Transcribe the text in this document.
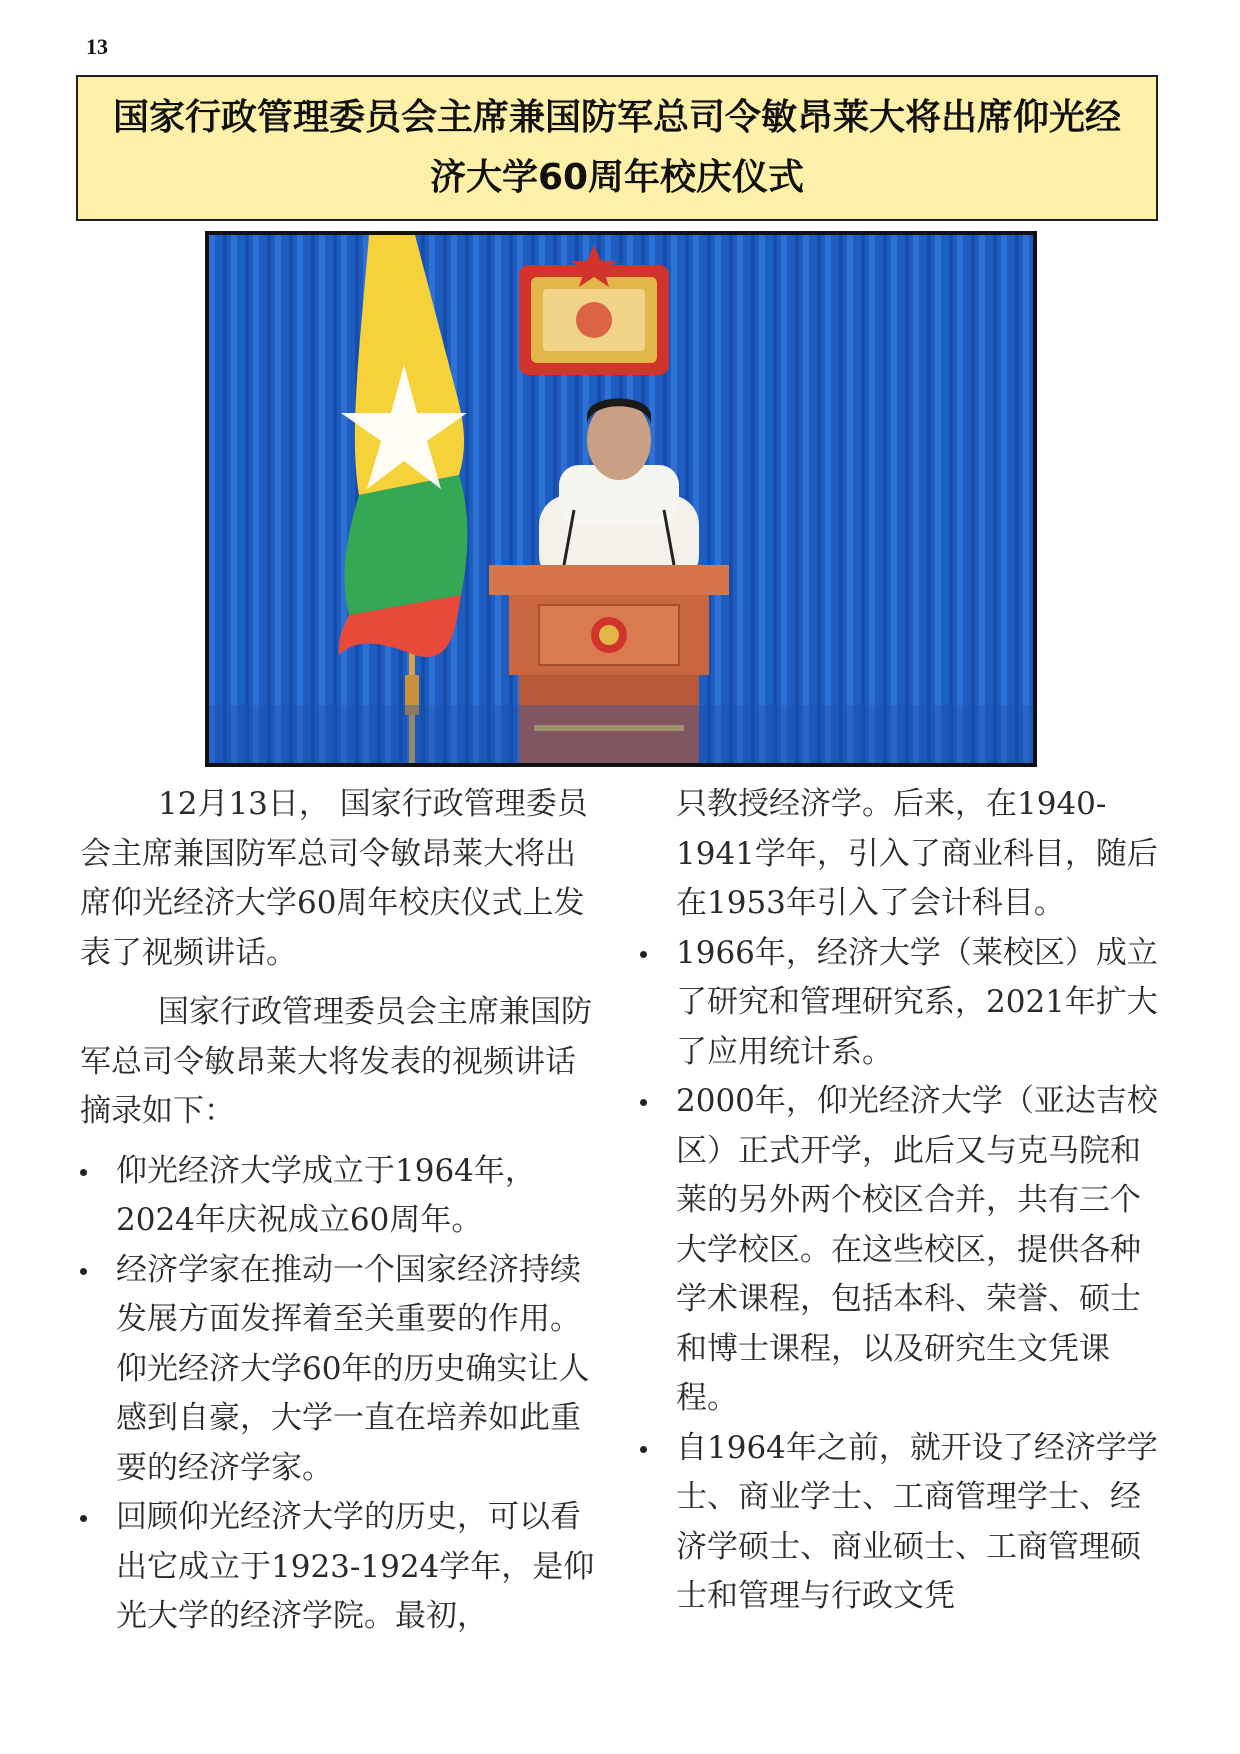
13
国家行政管理委员会主席兼国防军总司令敏昂莱大将出席仰光经
济大学60周年校庆仪式

12月13日， 国家行政管理委员会主席兼国防军总司令敏昂莱大将出席仰光经济大学60周年校庆仪式上发表了视频讲话。

国家行政管理委员会主席兼国防军总司令敏昂莱大将发表的视频讲话摘录如下：

仰光经济大学成立于1964年，2024年庆祝成立60周年。
经济学家在推动一个国家经济持续发展方面发挥着至关重要的作用。仰光经济大学60年的历史确实让人感到自豪，大学一直在培养如此重要的经济学家。
回顾仰光经济大学的历史，可以看出它成立于1923-1924学年，是仰光大学的经济学院。最初，

只教授经济学。后来，在1940-1941学年，引入了商业科目，随后在1953年引入了会计科目。

1966年，经济大学（莱校区）成立了研究和管理研究系，2021年扩大了应用统计系。
2000年，仰光经济大学（亚达吉校区）正式开学，此后又与克马院和莱的另外两个校区合并，共有三个大学校区。在这些校区，提供各种学术课程，包括本科、荣誉、硕士和博士课程，以及研究生文凭课程。
自1964年之前，就开设了经济学学士、商业学士、工商管理学士、经济学硕士、商业硕士、工商管理硕士和管理与行政文凭
